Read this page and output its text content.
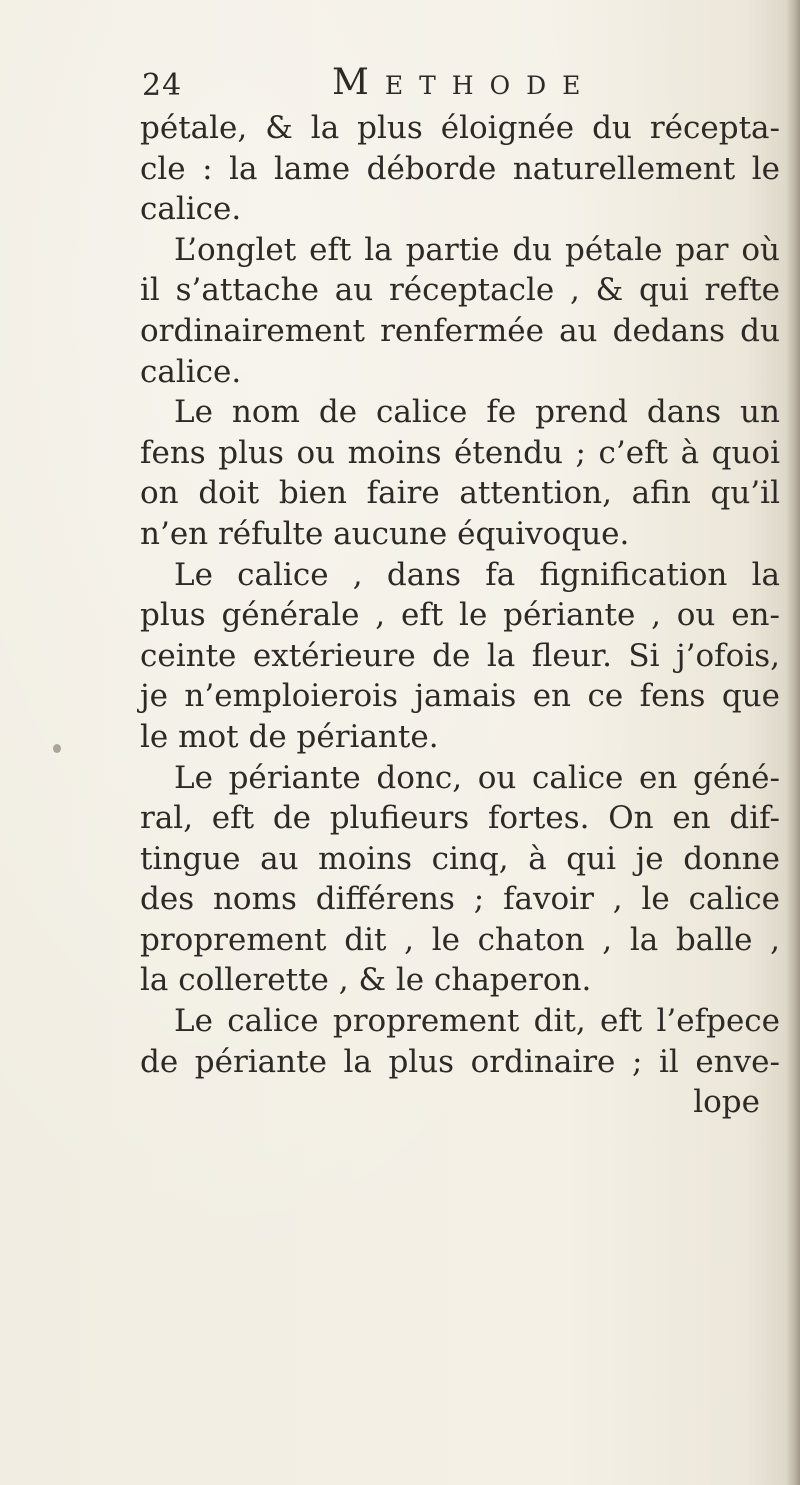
24	Methode
pétale, & la plus éloignée du récepta-
cle : la lame déborde naturellement le
calice.
L’onglet eft la partie du pétale par où
il s’attache au réceptacle , & qui refte
ordinairement renfermée au dedans du
calice.
Le nom de calice fe prend dans un
fens plus ou moins étendu ; c’eft à quoi
on doit bien faire attention, afin qu’il
n’en réfulte aucune équivoque.
Le calice , dans fa fignification la
plus générale , eft le périante , ou en-
ceinte extérieure de la fleur. Si j’ofois,
je n’emploierois jamais en ce fens que
le mot de périante.
Le périante donc, ou calice en géné-
ral, eft de plufieurs fortes. On en dif-
tingue au moins cinq, à qui je donne
des noms différens ; favoir , le calice
proprement dit , le chaton , la balle ,
la collerette , & le chaperon.
Le calice proprement dit, eft l’efpece
de périante la plus ordinaire ; il enve-
lope
